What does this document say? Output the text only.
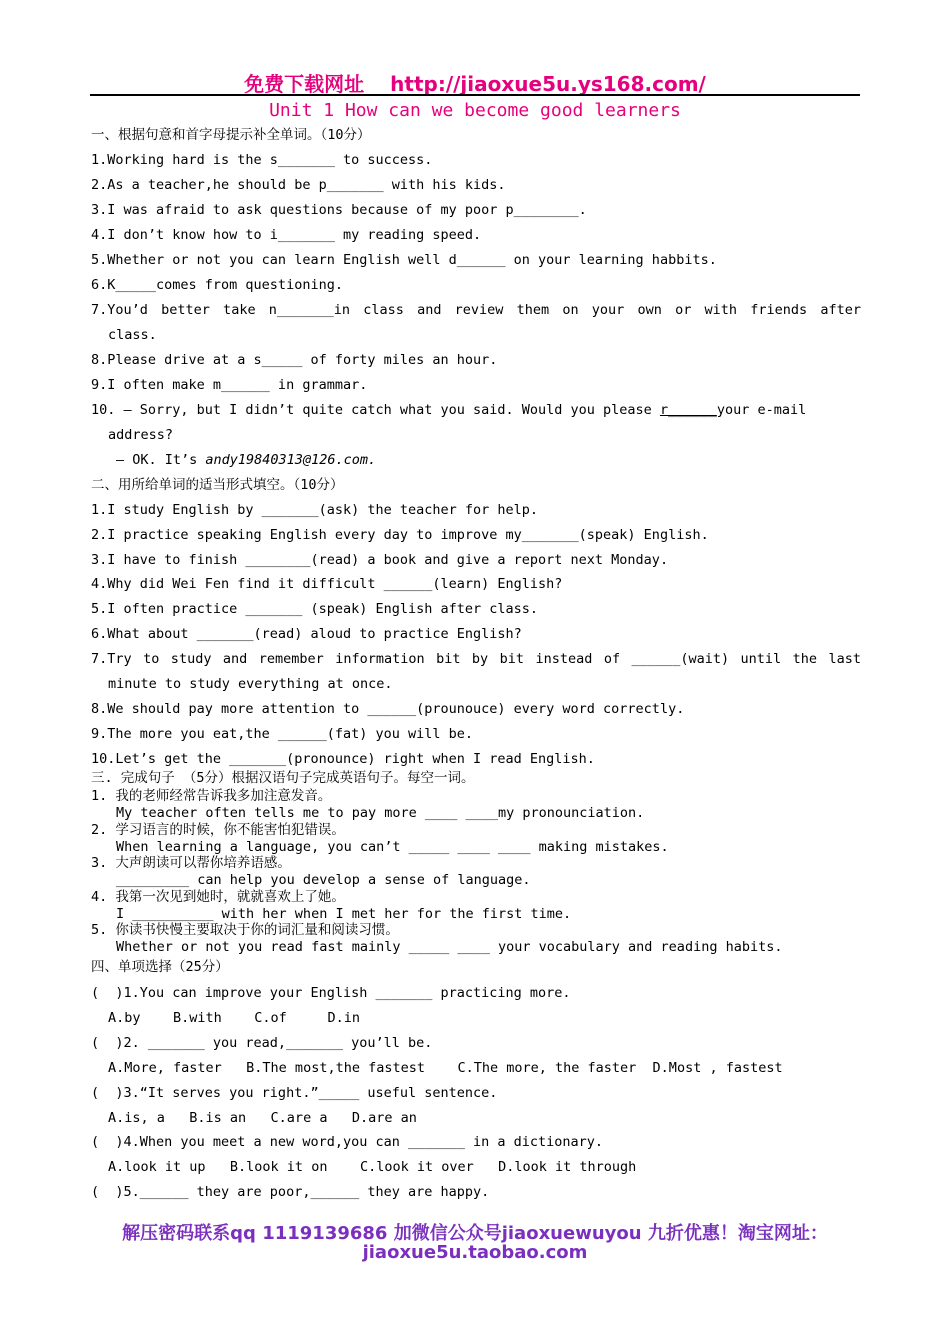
免费下载网址 http://jiaoxue5u.ys168.com/
Unit 1 How can we become good learners
一、根据句意和首字母提示补全单词。（10分）
1.Working hard is the s_______ to success.
2.As a teacher,he should be p_______ with his kids.
3.I was afraid to ask questions because of my poor p________.
4.I don’t know how to i_______ my reading speed.
5.Whether or not you can learn English well d______ on your learning habbits.
6.K_____comes from questioning.
7.You’d better take n_______in class and review them on your own or with friends after
class.
8.Please drive at a s_____ of forty miles an hour.
9.I often make m______ in grammar.
10. — Sorry, but I didn’t quite catch what you said. Would you please r______your e-mail
address?
— OK. It’s andy19840313@126.com.
二、用所给单词的适当形式填空。（10分）
1.I study English by _______(ask) the teacher for help.
2.I practice speaking English every day to improve my_______(speak) English.
3.I have to finish ________(read) a book and give a report next Monday.
4.Why did Wei Fen find it difficult ______(learn) English?
5.I often practice _______ (speak) English after class.
6.What about _______(read) aloud to practice English?
7.Try to study and remember information bit by bit instead of ______(wait) until the last
minute to study everything at once.
8.We should pay more attention to ______(prounouce) every word correctly.
9.The more you eat,the ______(fat) you will be.
10.Let’s get the _______(pronounce) right when I read English.
三. 完成句子 （5分）根据汉语句子完成英语句子。每空一词。
1. 我的老师经常告诉我多加注意发音。
My teacher often tells me to pay more ____ ____my pronounciation.
2. 学习语言的时候，你不能害怕犯错误。
When learning a language, you can’t _____ ____ ____ making mistakes.
3. 大声朗读可以帮你培养语感。
_________ can help you develop a sense of language.
4. 我第一次见到她时，就就喜欢上了她。
I __________ with her when I met her for the first time.
5. 你读书快慢主要取决于你的词汇量和阅读习惯。
Whether or not you read fast mainly _____ ____ your vocabulary and reading habits.
四、单项选择（25分）
(  )1.You can improve your English _______ practicing more.
A.by    B.with    C.of     D.in
(  )2. _______ you read,_______ you’ll be.
A.More, faster   B.The most,the fastest    C.The more, the faster  D.Most , fastest
(  )3.“It serves you right.”_____ useful sentence.
A.is, a   B.is an   C.are a   D.are an
(  )4.When you meet a new word,you can _______ in a dictionary.
A.look it up   B.look it on    C.look it over   D.look it through
(  )5.______ they are poor,______ they are happy.
解压密码联系qq 1119139686 加微信公众号jiaoxuewuyou 九折优惠！淘宝网址：
jiaoxue5u.taobao.com
